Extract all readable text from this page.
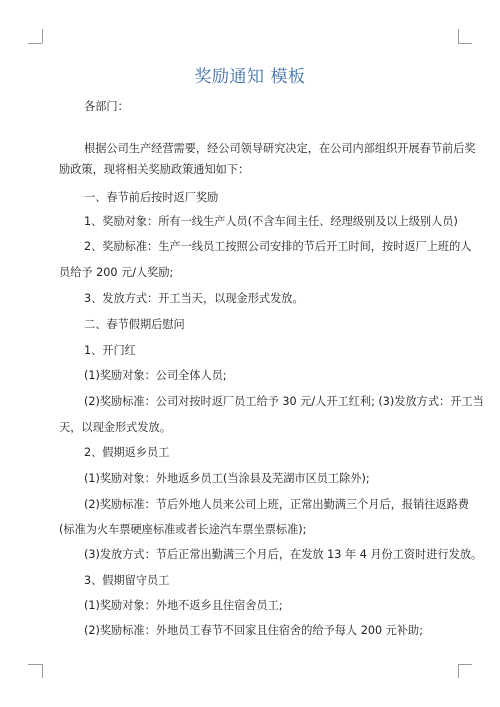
奖励通知 模板
各部门：
根据公司生产经营需要，经公司领导研究决定，在公司内部组织开展春节前后奖
励政策，现将相关奖励政策通知如下：
一、春节前后按时返厂奖励
1、奖励对象：所有一线生产人员(不含车间主任、经理级别及以上级别人员)
2、奖励标准：生产一线员工按照公司安排的节后开工时间，按时返厂上班的人
员给予 200 元/人奖励;
3、发放方式：开工当天，以现金形式发放。
二、春节假期后慰问
1、开门红
(1)奖励对象：公司全体人员;
(2)奖励标准：公司对按时返厂员工给予 30 元/人开工红利; (3)发放方式：开工当
天，以现金形式发放。
2、假期返乡员工
(1)奖励对象：外地返乡员工(当涂县及芜湖市区员工除外);
(2)奖励标准：节后外地人员来公司上班，正常出勤满三个月后，报销往返路费
(标准为火车票硬座标准或者长途汽车票坐票标准);
(3)发放方式：节后正常出勤满三个月后，在发放 13 年 4 月份工资时进行发放。
3、假期留守员工
(1)奖励对象：外地不返乡且住宿舍员工;
(2)奖励标准：外地员工春节不回家且住宿舍的给予每人 200 元补助;
